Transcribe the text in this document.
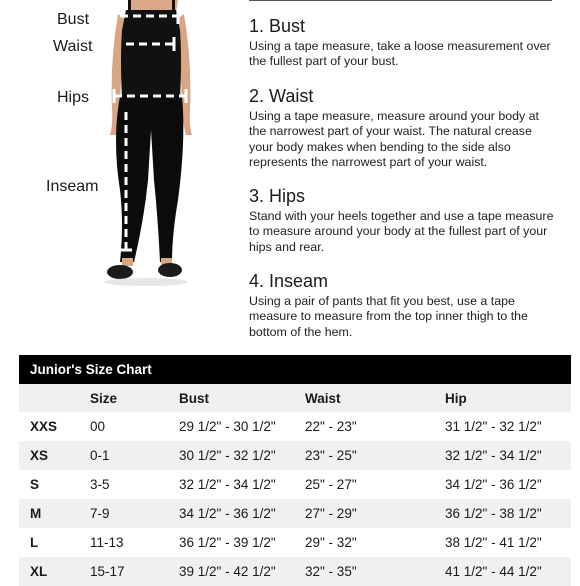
Bust
Waist
Hips
Inseam
1. Bust

Using a tape measure, take a loose measurement over the fullest part of your bust.

2. Waist

Using a tape measure, measure around your body at the narrowest part of your waist. The natural crease your body makes when bending to the side also represents the narrowest part of your waist.

3. Hips

Stand with your heels together and use a tape measure to measure around your body at the fullest part of your hips and rear.

4. Inseam

Using a pair of pants that fit you best, use a tape measure to measure from the top inner thigh to the bottom of the hem.

Junior's Size Chart
	Size	Bust	Waist	Hip
XXS	00	29 1/2" - 30 1/2"	22" - 23"	31 1/2" - 32 1/2"
XS	0-1	30 1/2" - 32 1/2"	23" - 25"	32 1/2" - 34 1/2"
S	3-5	32 1/2" - 34 1/2"	25" - 27"	34 1/2" - 36 1/2"
M	7-9	34 1/2" - 36 1/2"	27" - 29"	36 1/2" - 38 1/2"
L	11-13	36 1/2" - 39 1/2"	29" - 32"	38 1/2" - 41 1/2"
XL	15-17	39 1/2" - 42 1/2"	32" - 35"	41 1/2" - 44 1/2"
